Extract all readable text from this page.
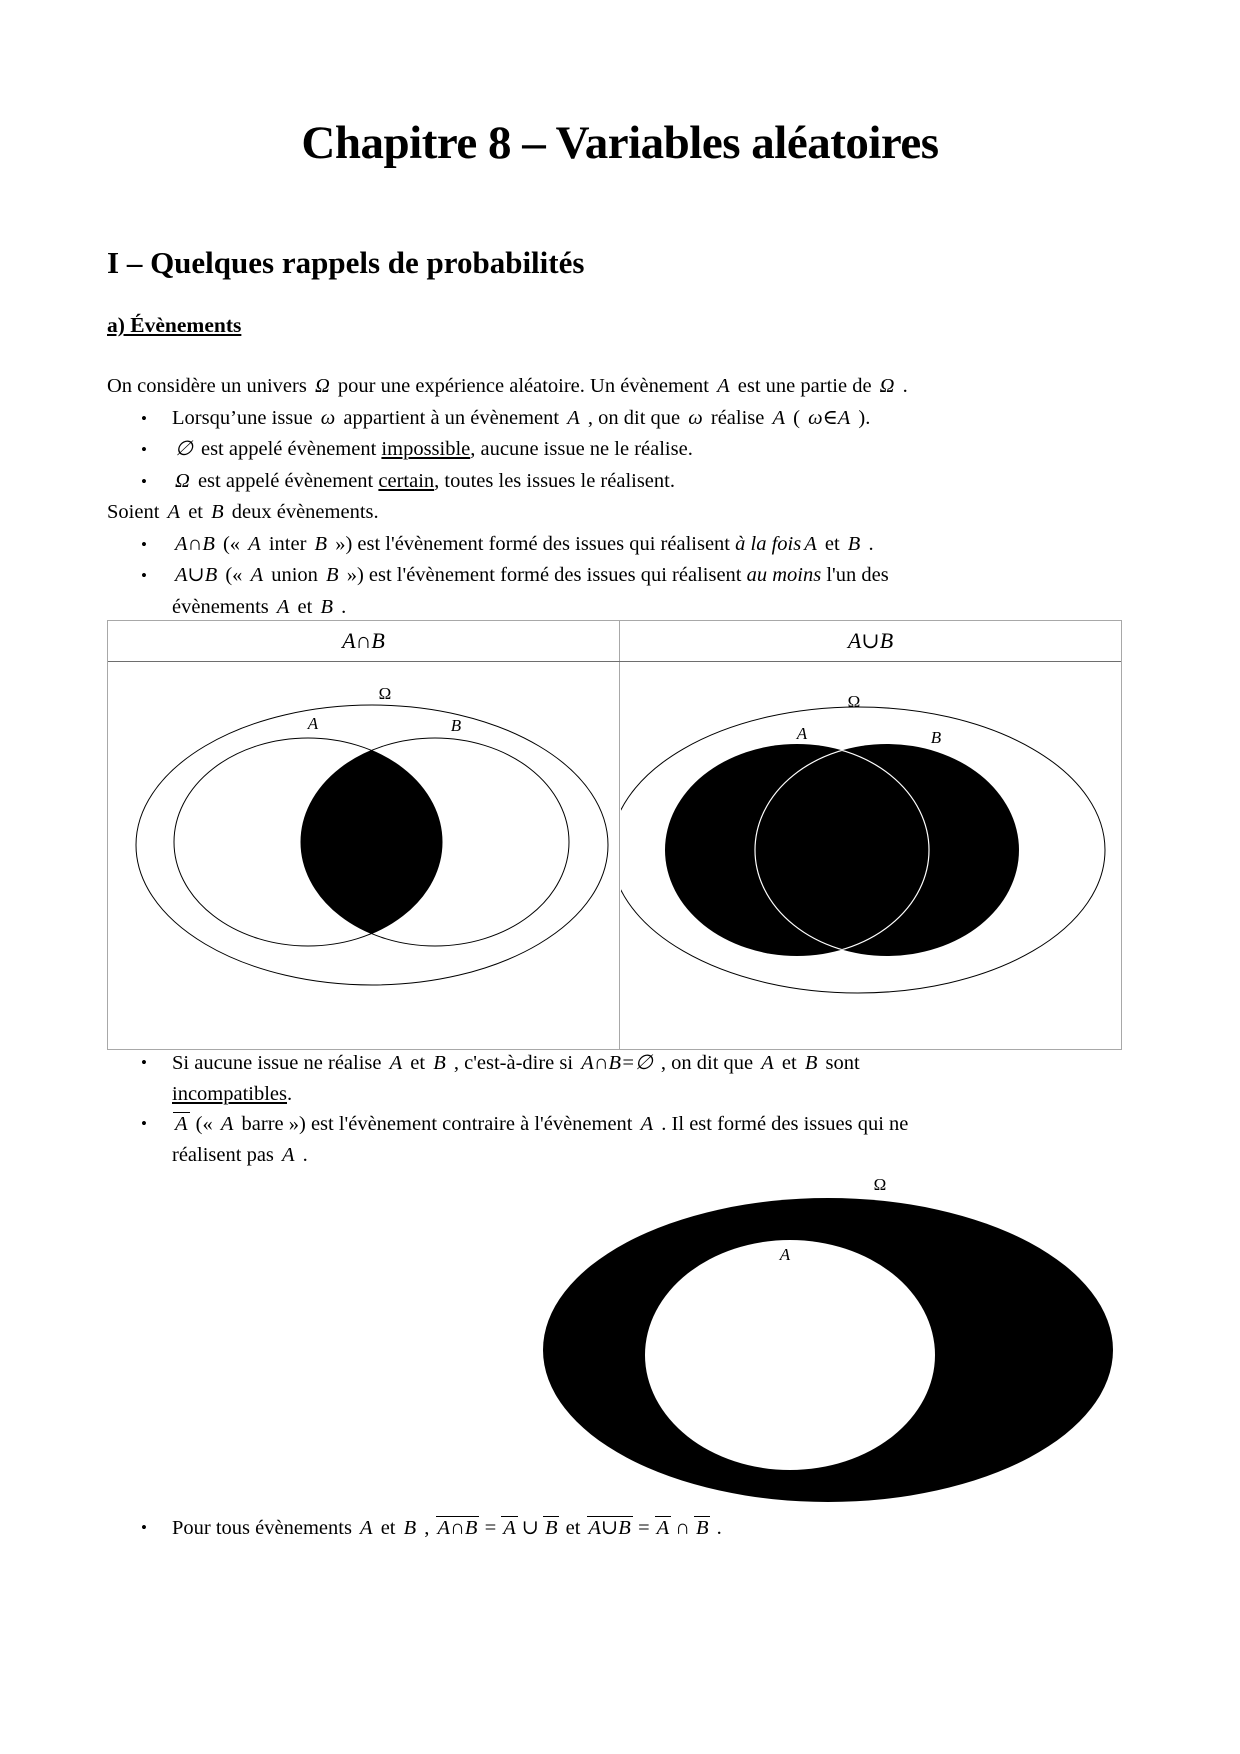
Chapitre 8 – Variables aléatoires
I – Quelques rappels de probabilités
a) Évènements
On considère un univers Ω pour une expérience aléatoire. Un évènement A est une partie de Ω .
• Lorsqu’une issue ω appartient à un évènement A , on dit que ω réalise A ( ω∈A ).
• ∅ est appelé évènement impossible, aucune issue ne le réalise.
• Ω est appelé évènement certain, toutes les issues le réalisent.
Soient A et B deux évènements.
• A∩B (« A inter B ») est l'évènement formé des issues qui réalisent à la fois A et B .
• A∪B (« A union B ») est l'évènement formé des issues qui réalisent au moins l'un des
évènements A et B .
A∩B	A∪B
Ω
A	B
Ω
A	B
• Si aucune issue ne réalise A et B , c'est-à-dire si A∩B=∅ , on dit que A et B sont
incompatibles.
• A (« A barre ») est l'évènement contraire à l'évènement A . Il est formé des issues qui ne
réalisent pas A .
Ω
A
• Pour tous évènements A et B , A∩B = A ∪ B et A∪B = A ∩ B .
